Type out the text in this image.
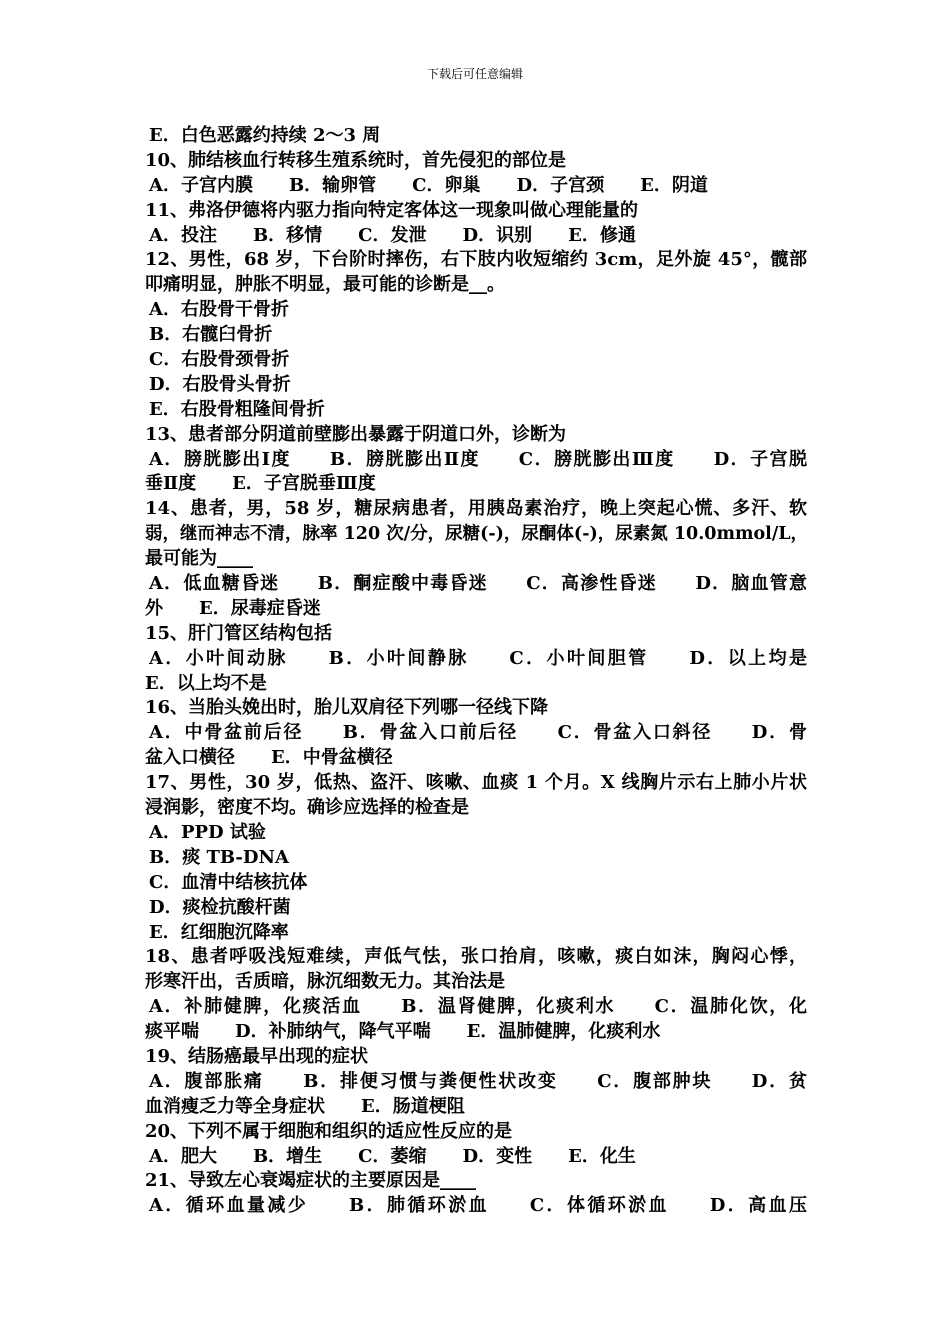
下载后可任意编辑
E．白色恶露约持续 2～3 周
10、肺结核血行转移生殖系统时，首先侵犯的部位是
A．子宫内膜　　B．输卵管　　C．卵巢　　D．子宫颈　　E．阴道
11、弗洛伊德将内驱力指向特定客体这一现象叫做心理能量的
A．投注　　B．移情　　C．发泄　　D．识别　　E．修通
12、男性，68 岁，下台阶时摔伤，右下肢内收短缩约 3cm，足外旋 45°，髋部
叩痛明显，肿胀不明显，最可能的诊断是__。
A．右股骨干骨折
B．右髋臼骨折
C．右股骨颈骨折
D．右股骨头骨折
E．右股骨粗隆间骨折
13、患者部分阴道前壁膨出暴露于阴道口外，诊断为
A．膀胱膨出Ⅰ度　　B．膀胱膨出Ⅱ度　　C．膀胱膨出Ⅲ度　　D．子宫脱
垂Ⅱ度　　E．子宫脱垂Ⅲ度
14、患者，男，58 岁，糖尿病患者，用胰岛素治疗，晚上突起心慌、多汗、软
弱，继而神志不清，脉率 120 次/分，尿糖(-)，尿酮体(-)，尿素氮 10.0mmol/L，
最可能为____
A．低血糖昏迷　　B．酮症酸中毒昏迷　　C．高渗性昏迷　　D．脑血管意
外　　E．尿毒症昏迷
15、肝门管区结构包括
A．小叶间动脉　　B．小叶间静脉　　C．小叶间胆管　　D．以上均是
E．以上均不是
16、当胎头娩出时，胎儿双肩径下列哪一径线下降
A．中骨盆前后径　　B．骨盆入口前后径　　C．骨盆入口斜径　　D．骨
盆入口横径　　E．中骨盆横径
17、男性，30 岁，低热、盗汗、咳嗽、血痰 1 个月。X 线胸片示右上肺小片状
浸润影，密度不均。确诊应选择的检查是
A．PPD 试验
B．痰 TB-DNA
C．血清中结核抗体
D．痰检抗酸杆菌
E．红细胞沉降率
18、患者呼吸浅短难续，声低气怯，张口抬肩，咳嗽，痰白如沫，胸闷心悸，
形寒汗出，舌质暗，脉沉细数无力。其治法是
A．补肺健脾，化痰活血　　B．温肾健脾，化痰利水　　C．温肺化饮，化
痰平喘　　D．补肺纳气，降气平喘　　E．温肺健脾，化痰利水
19、结肠癌最早出现的症状
A．腹部胀痛　　B．排便习惯与粪便性状改变　　C．腹部肿块　　D．贫
血消瘦乏力等全身症状　　E．肠道梗阻
20、下列不属于细胞和组织的适应性反应的是
A．肥大　　B．增生　　C．萎缩　　D．变性　　E．化生
21、导致左心衰竭症状的主要原因是____
A．循环血量减少　　B．肺循环淤血　　C．体循环淤血　　D．高血压
